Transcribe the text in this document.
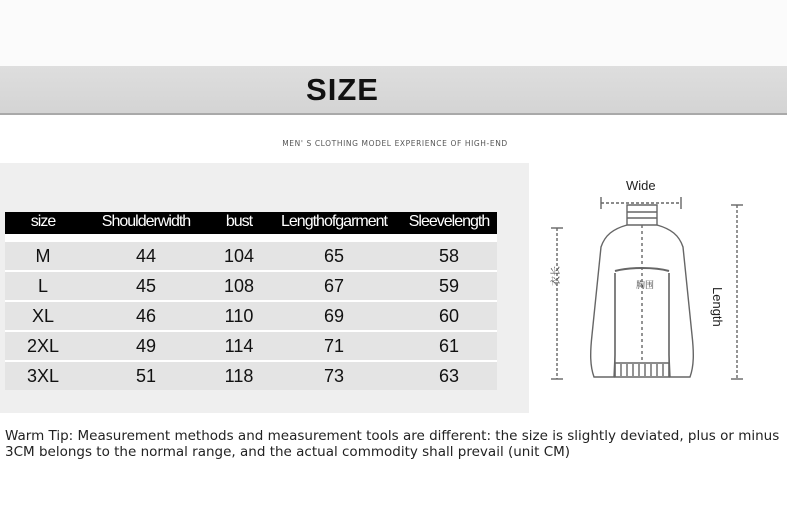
SIZE
MEN' S CLOTHING MODEL EXPERIENCE OF HIGH-END
size	Shoulderwidth	bust	Lengthofgarment	Sleevelength
M	44	104	65	58
L	45	108	67	59
XL	46	110	69	60
2XL	49	114	71	61
3XL	51	118	73	63
Wide
Length
衣长	胸围
Warm Tip: Measurement methods and measurement tools are different: the size is slightly deviated, plus or minus 3CM belongs to the normal range, and the actual commodity shall prevail (unit CM)
